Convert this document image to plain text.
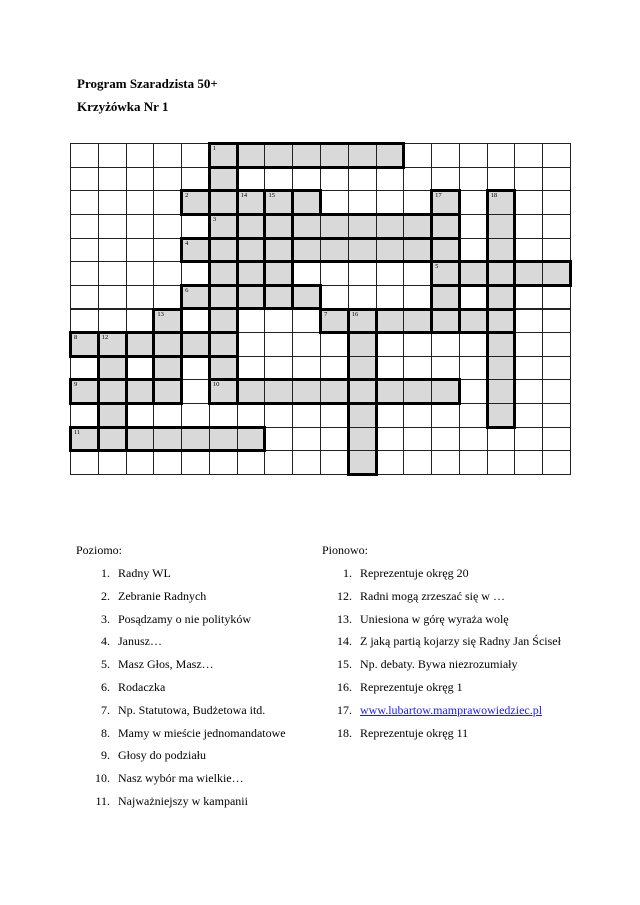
Program Szaradzista 50+
Krzyżówka Nr 1
1
2	14	15	17	18
3
4
5
6
13	7	16
8	12
9	10
11
Poziomo:	Pionowo:
1. Radny WL
2. Zebranie Radnych
3. Posądzamy o nie polityków
4. Janusz…
5. Masz Głos, Masz…
6. Rodaczka
7. Np. Statutowa, Budżetowa itd.
8. Mamy w mieście jednomandatowe
9. Głosy do podziału
10. Nasz wybór ma wielkie…
11. Najważniejszy w kampanii
1. Reprezentuje okręg 20
12. Radni mogą zrzeszać się w …
13. Uniesiona w górę wyraża wolę
14. Z jaką partią kojarzy się Radny Jan Ściseł
15. Np. debaty. Bywa niezrozumiały
16. Reprezentuje okręg 1
17. www.lubartow.mamprawowiedziec.pl
18. Reprezentuje okręg 11
